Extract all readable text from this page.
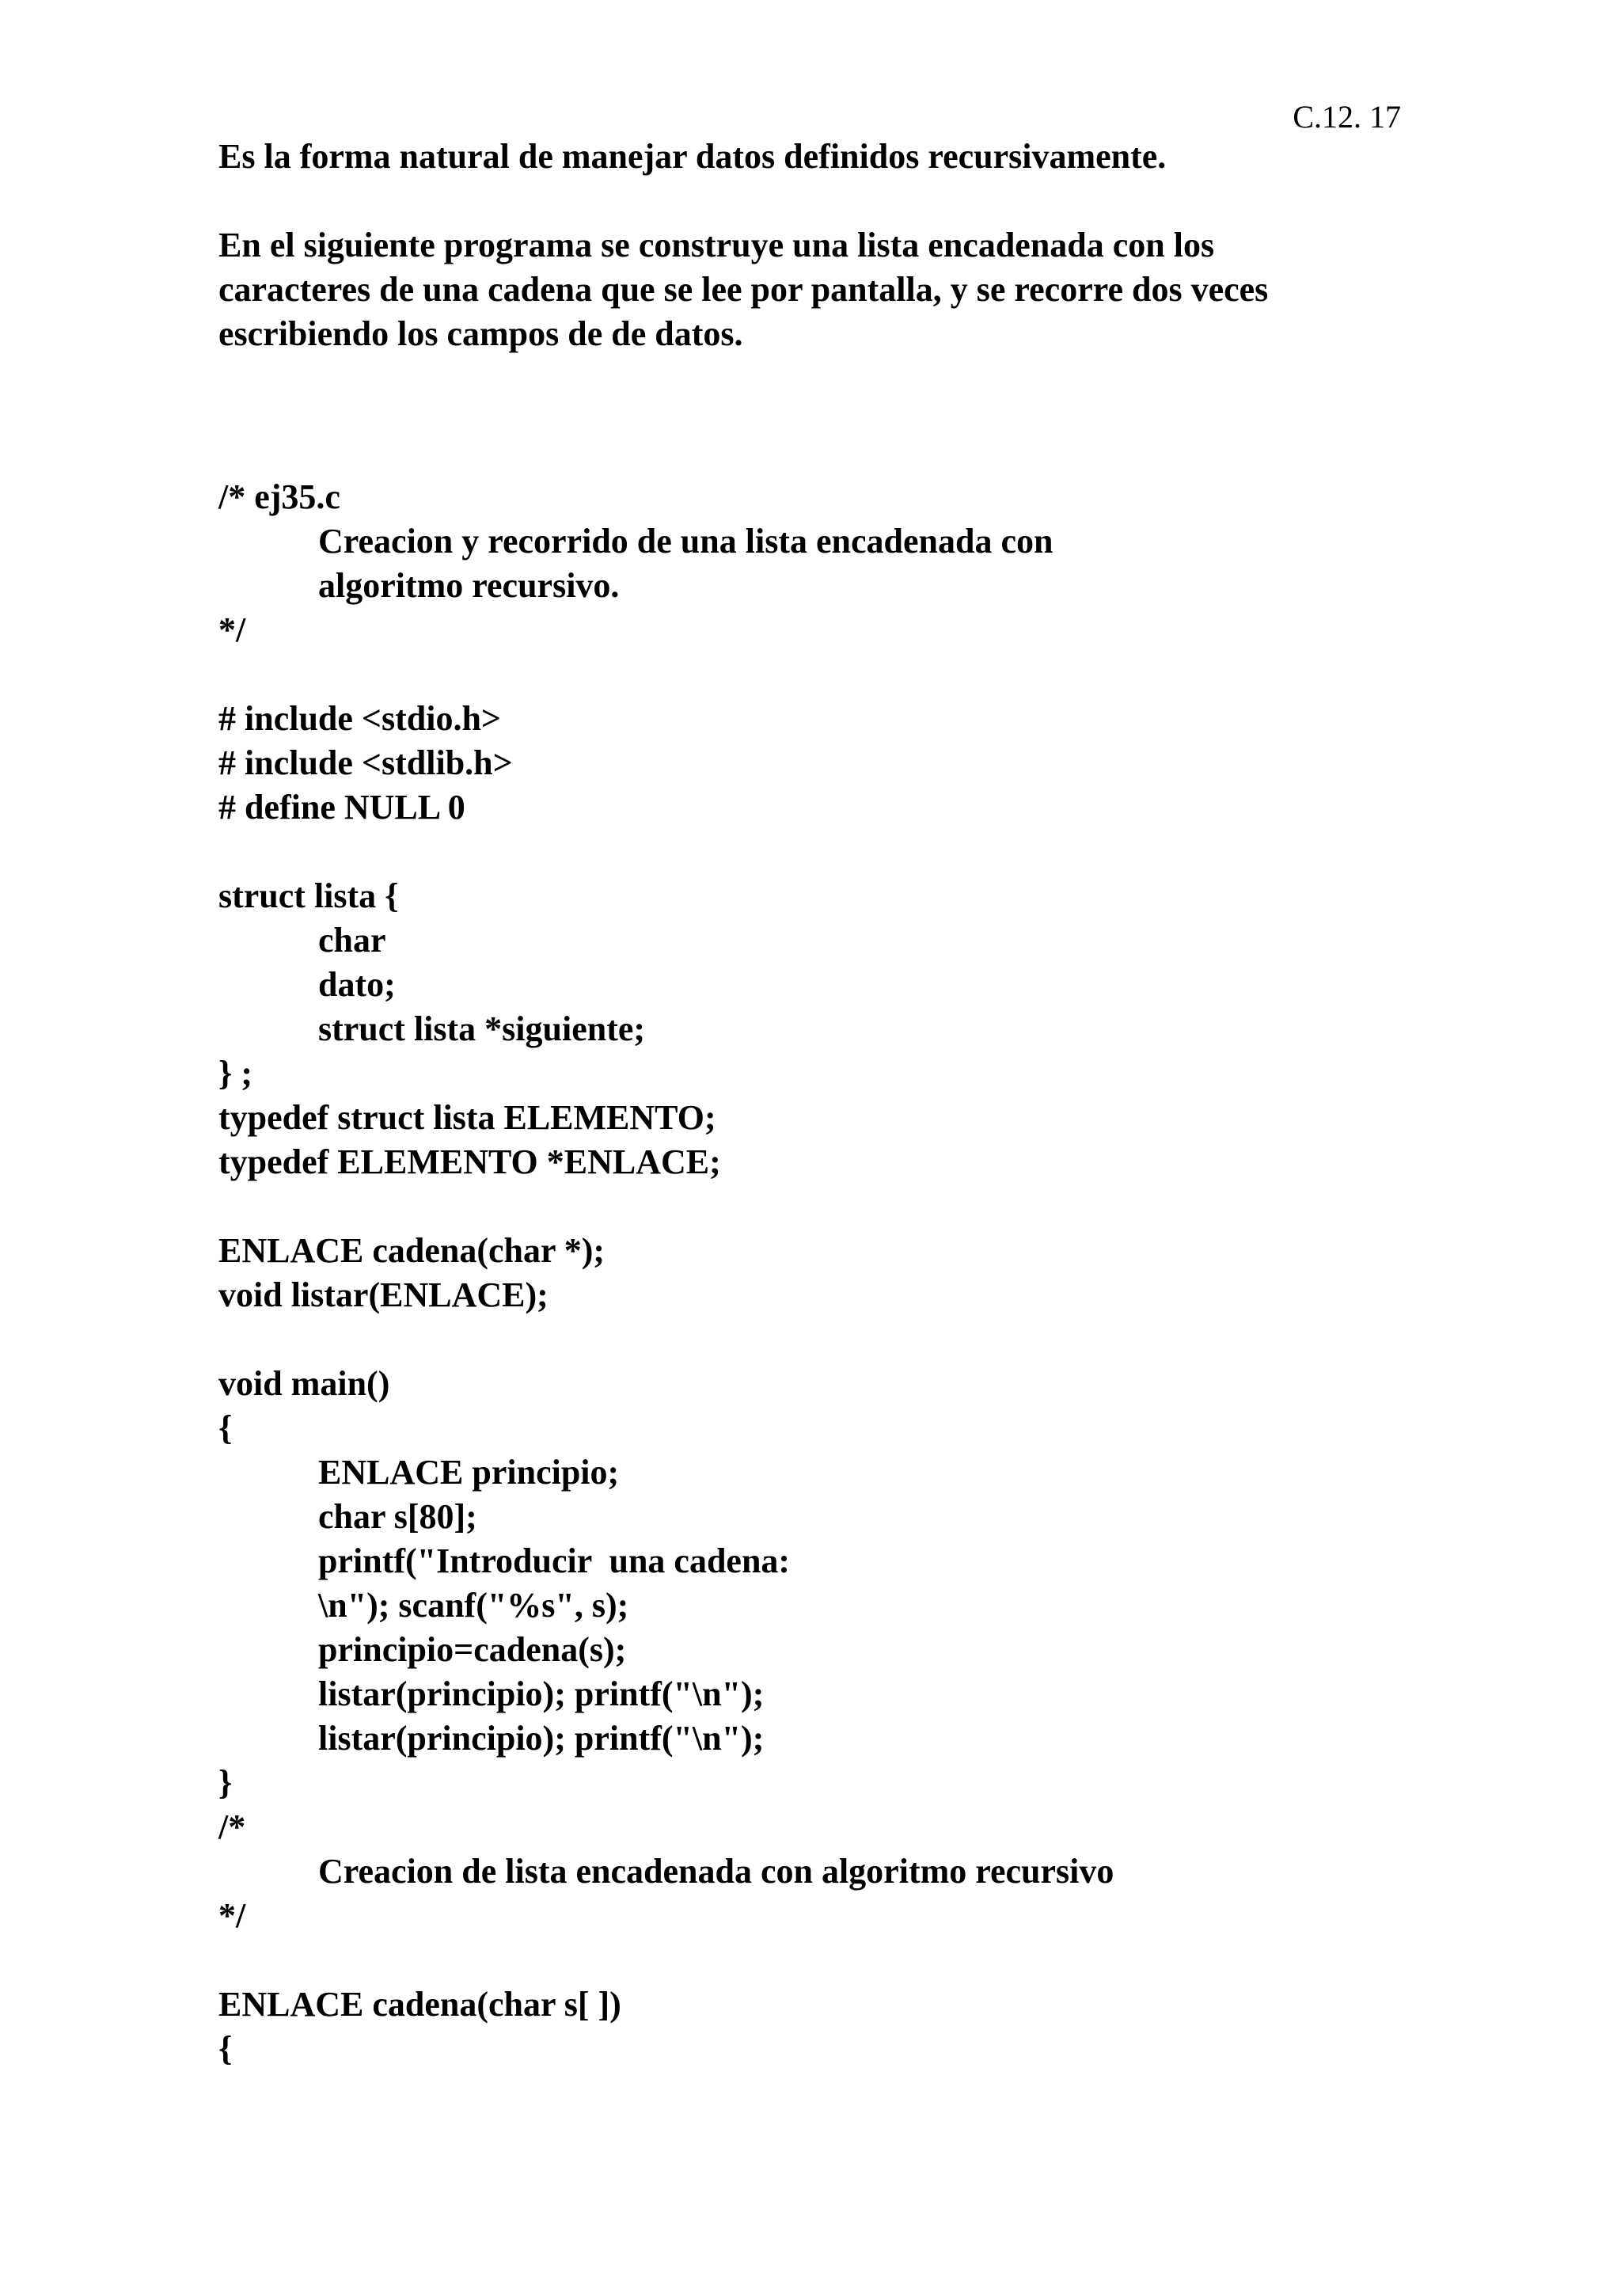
C.12. 17

Es la forma natural de manejar datos definidos recursivamente.

En el siguiente programa se construye una lista encadenada con los
caracteres de una cadena que se lee por pantalla, y se recorre dos veces
escribiendo los campos de de datos.
/* ej35.c
Creacion y recorrido de una lista encadenada con
algoritmo recursivo.
*/
# include <stdio.h>
# include <stdlib.h>
# define NULL 0
struct lista {
char
dato;
struct lista *siguiente;
} ;
typedef struct lista ELEMENTO;
typedef ELEMENTO *ENLACE;
ENLACE cadena(char *);
void listar(ENLACE);
void main()
{
ENLACE principio;
char s[80];
printf("Introducir  una cadena:
\n"); scanf("%s", s);
principio=cadena(s);
listar(principio); printf("\n");
listar(principio); printf("\n");
}
/*
Creacion de lista encadenada con algoritmo recursivo
*/
ENLACE cadena(char s[ ])
{
